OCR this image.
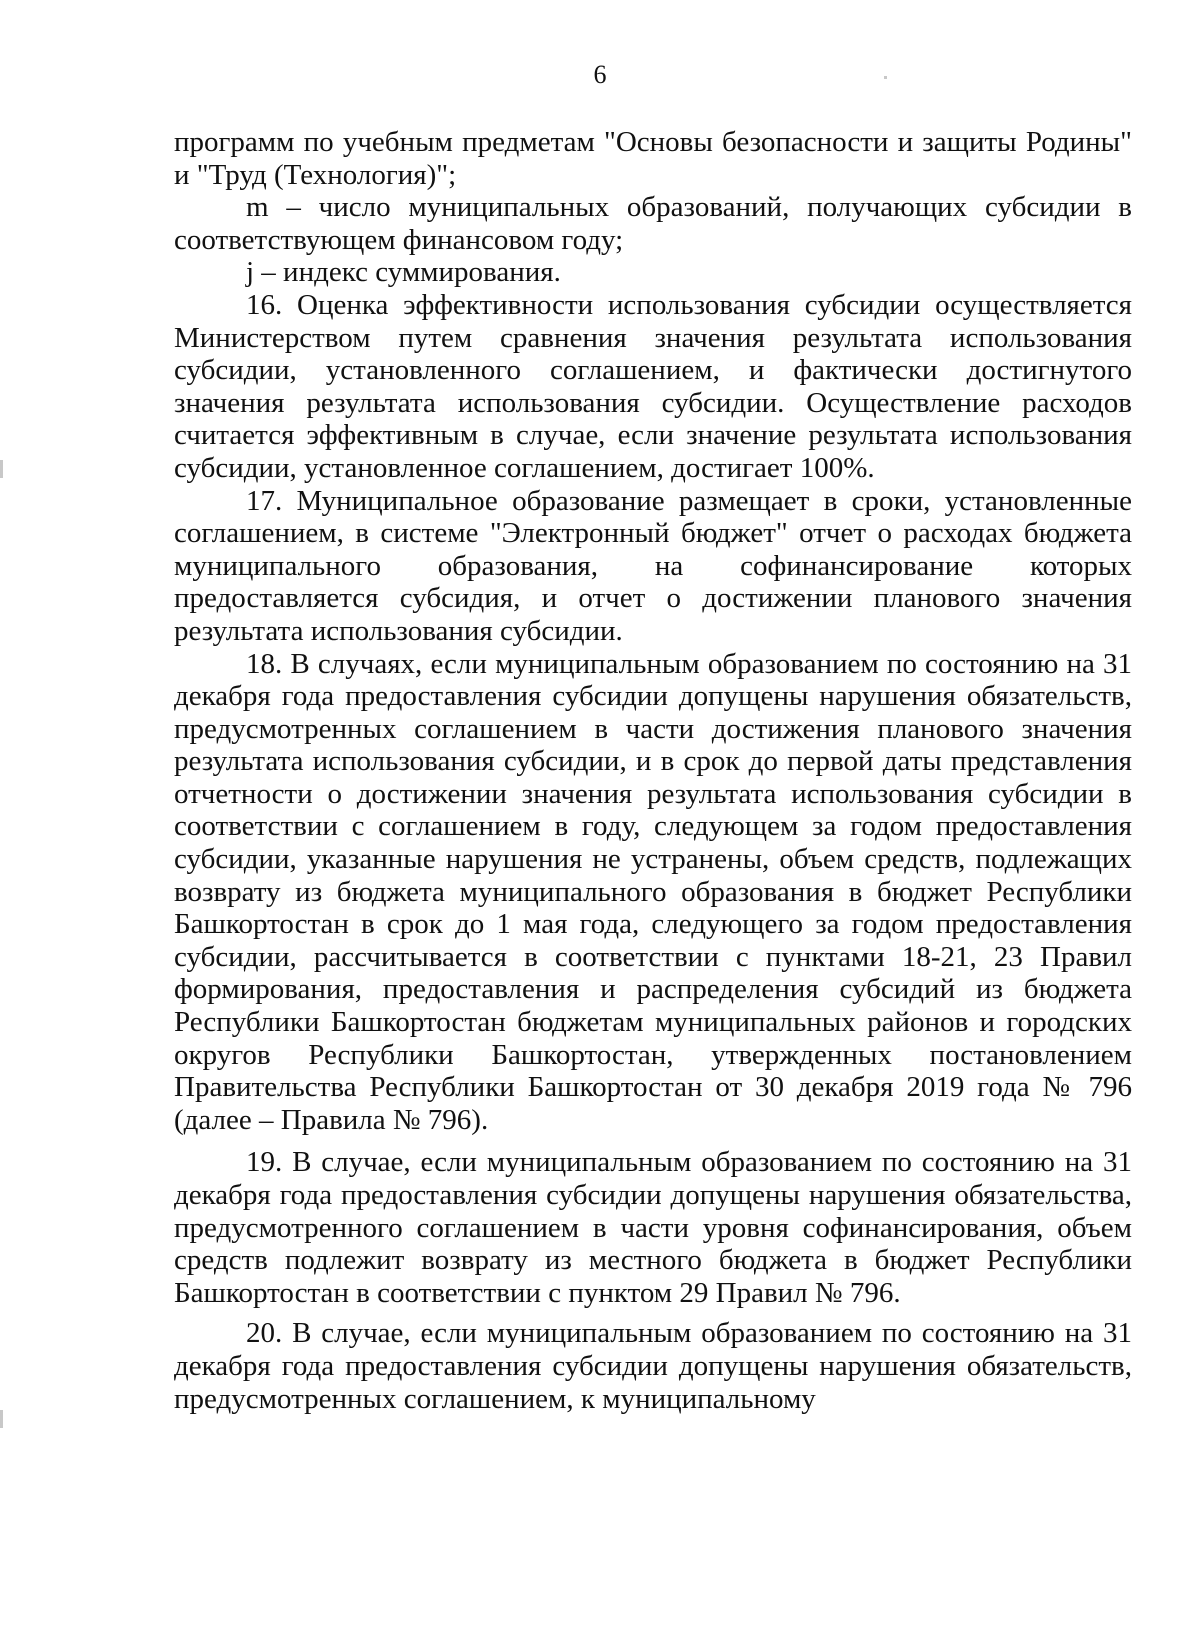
6

программ по учебным предметам "Основы безопасности и защиты Родины" и "Труд (Технология)";

m – число муниципальных образований, получающих субсидии в соответствующем финансовом году;

j – индекс суммирования.

16. Оценка эффективности использования субсидии осуществляется Министерством путем сравнения значения результата использования субсидии, установленного соглашением, и фактически достигнутого значения результата использования субсидии. Осуществление расходов считается эффективным в случае, если значение результата использования субсидии, установленное соглашением, достигает 100%.

17. Муниципальное образование размещает в сроки, установленные соглашением, в системе "Электронный бюджет" отчет о расходах бюджета муниципального образования, на софинансирование которых предоставляется субсидия, и отчет о достижении планового значения результата использования субсидии.

18. В случаях, если муниципальным образованием по состоянию на 31 декабря года предоставления субсидии допущены нарушения обязательств, предусмотренных соглашением в части достижения планового значения результата использования субсидии, и в срок до первой даты представления отчетности о достижении значения результата использования субсидии в соответствии с соглашением в году, следующем за годом предоставления субсидии, указанные нарушения не устранены, объем средств, подлежащих возврату из бюджета муниципального образования в бюджет Республики Башкортостан в срок до 1 мая года, следующего за годом предоставления субсидии, рассчитывается в соответствии с пунктами 18-21, 23 Правил формирования, предоставления и распределения субсидий из бюджета Республики Башкортостан бюджетам муниципальных районов и городских округов Республики Башкортостан, утвержденных постановлением Правительства Республики Башкортостан от 30 декабря 2019 года № 796 (далее – Правила № 796).

19. В случае, если муниципальным образованием по состоянию на 31 декабря года предоставления субсидии допущены нарушения обязательства, предусмотренного соглашением в части уровня софинансирования, объем средств подлежит возврату из местного бюджета в бюджет Республики Башкортостан в соответствии с пунктом 29 Правил № 796.

20. В случае, если муниципальным образованием по состоянию на 31 декабря года предоставления субсидии допущены нарушения обязательств, предусмотренных соглашением, к муниципальному
